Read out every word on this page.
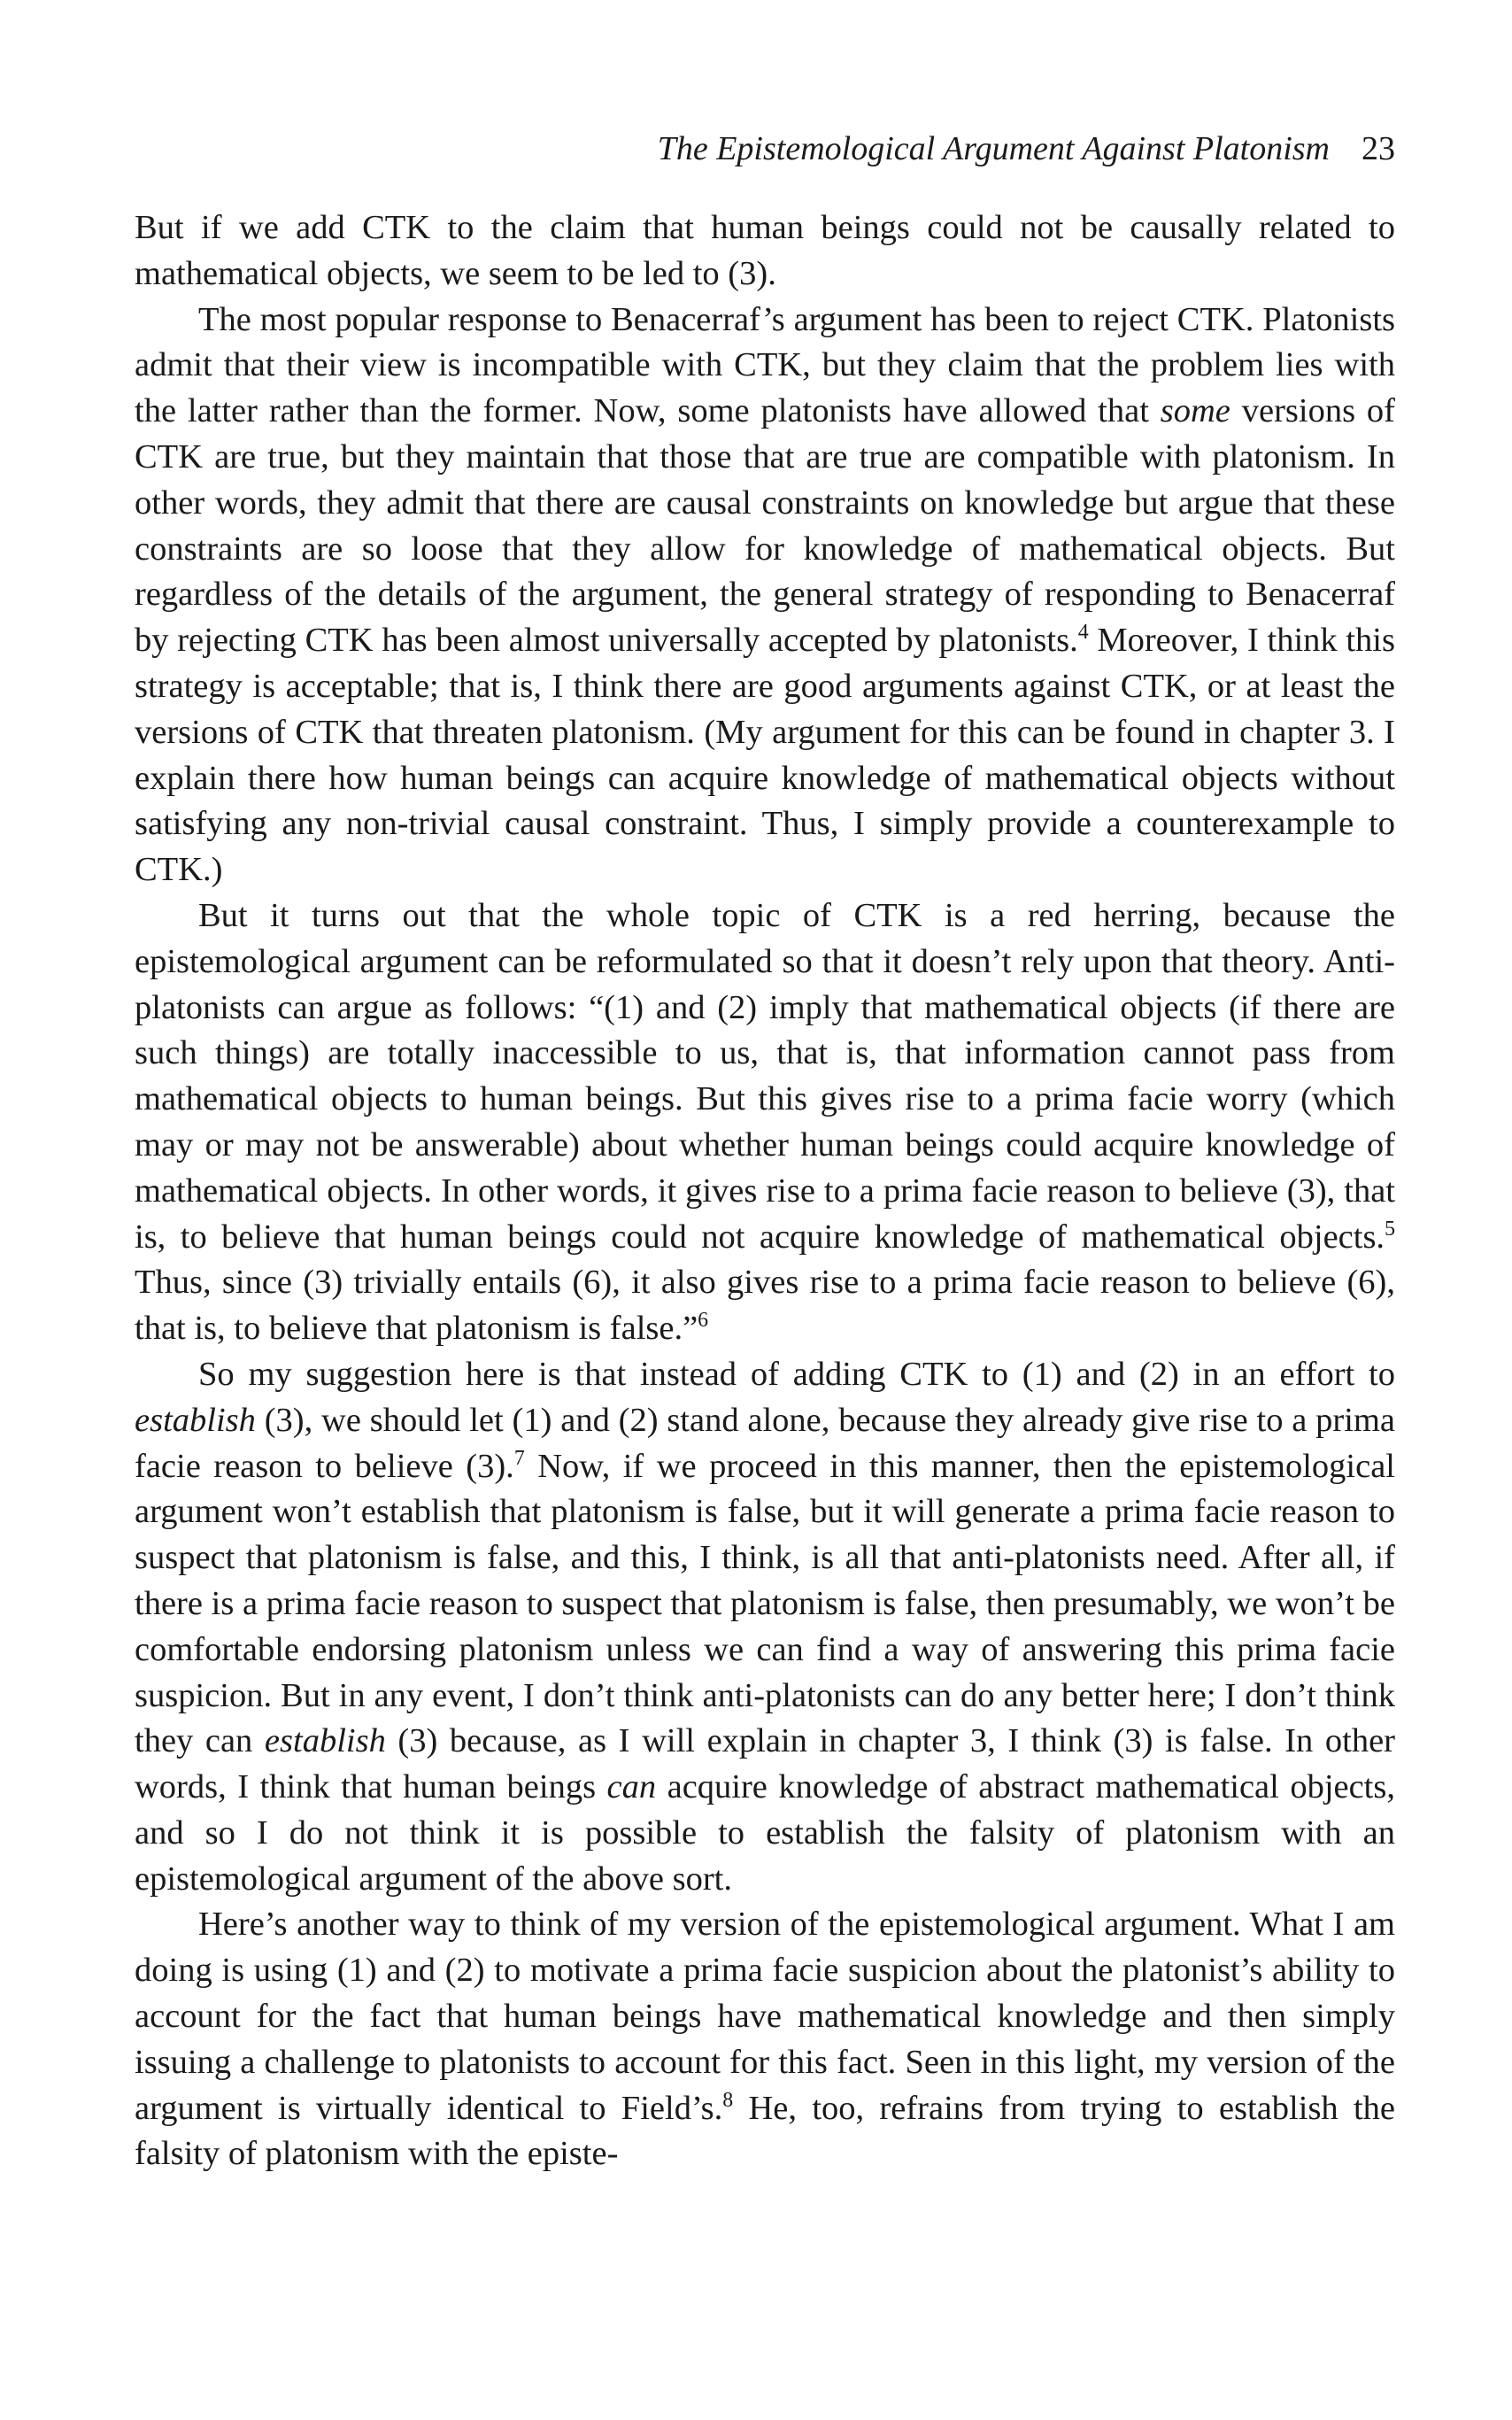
The Epistemological Argument Against Platonism 23

But if we add CTK to the claim that human beings could not be causally related to mathematical objects, we seem to be led to (3).

The most popular response to Benacerraf’s argument has been to reject CTK. Platonists admit that their view is incompatible with CTK, but they claim that the problem lies with the latter rather than the former. Now, some platonists have allowed that some versions of CTK are true, but they maintain that those that are true are compatible with platonism. In other words, they admit that there are causal constraints on knowledge but argue that these constraints are so loose that they allow for knowledge of mathematical objects. But regardless of the details of the argument, the general strategy of responding to Benacerraf by rejecting CTK has been almost universally accepted by platonists.$^4$ Moreover, I think this strategy is acceptable; that is, I think there are good arguments against CTK, or at least the versions of CTK that threaten platonism. (My argument for this can be found in chapter 3. I explain there how human beings can acquire knowledge of mathematical objects without satisfying any non-trivial causal constraint. Thus, I simply provide a counterexample to CTK.)

But it turns out that the whole topic of CTK is a red herring, because the epistemological argument can be reformulated so that it doesn’t rely upon that theory. Anti-platonists can argue as follows: “(1) and (2) imply that mathematical objects (if there are such things) are totally inaccessible to us, that is, that information cannot pass from mathematical objects to human beings. But this gives rise to a prima facie worry (which may or may not be answerable) about whether human beings could acquire knowledge of mathematical objects. In other words, it gives rise to a prima facie reason to believe (3), that is, to believe that human beings could not acquire knowledge of mathematical objects.$^5$ Thus, since (3) trivially entails (6), it also gives rise to a prima facie reason to believe (6), that is, to believe that platonism is false.”$^6$

So my suggestion here is that instead of adding CTK to (1) and (2) in an effort to establish (3), we should let (1) and (2) stand alone, because they already give rise to a prima facie reason to believe (3).$^7$ Now, if we proceed in this manner, then the epistemological argument won’t establish that platonism is false, but it will generate a prima facie reason to suspect that platonism is false, and this, I think, is all that anti-platonists need. After all, if there is a prima facie reason to suspect that platonism is false, then presumably, we won’t be comfortable endorsing platonism unless we can find a way of answering this prima facie suspicion. But in any event, I don’t think anti-platonists can do any better here; I don’t think they can establish (3) because, as I will explain in chapter 3, I think (3) is false. In other words, I think that human beings can acquire knowledge of abstract mathematical objects, and so I do not think it is possible to establish the falsity of platonism with an epistemological argument of the above sort.

Here’s another way to think of my version of the epistemological argument. What I am doing is using (1) and (2) to motivate a prima facie suspicion about the platonist’s ability to account for the fact that human beings have mathematical knowledge and then simply issuing a challenge to platonists to account for this fact. Seen in this light, my version of the argument is virtually identical to Field’s.$^8$ He, too, refrains from trying to establish the falsity of platonism with the episte-
